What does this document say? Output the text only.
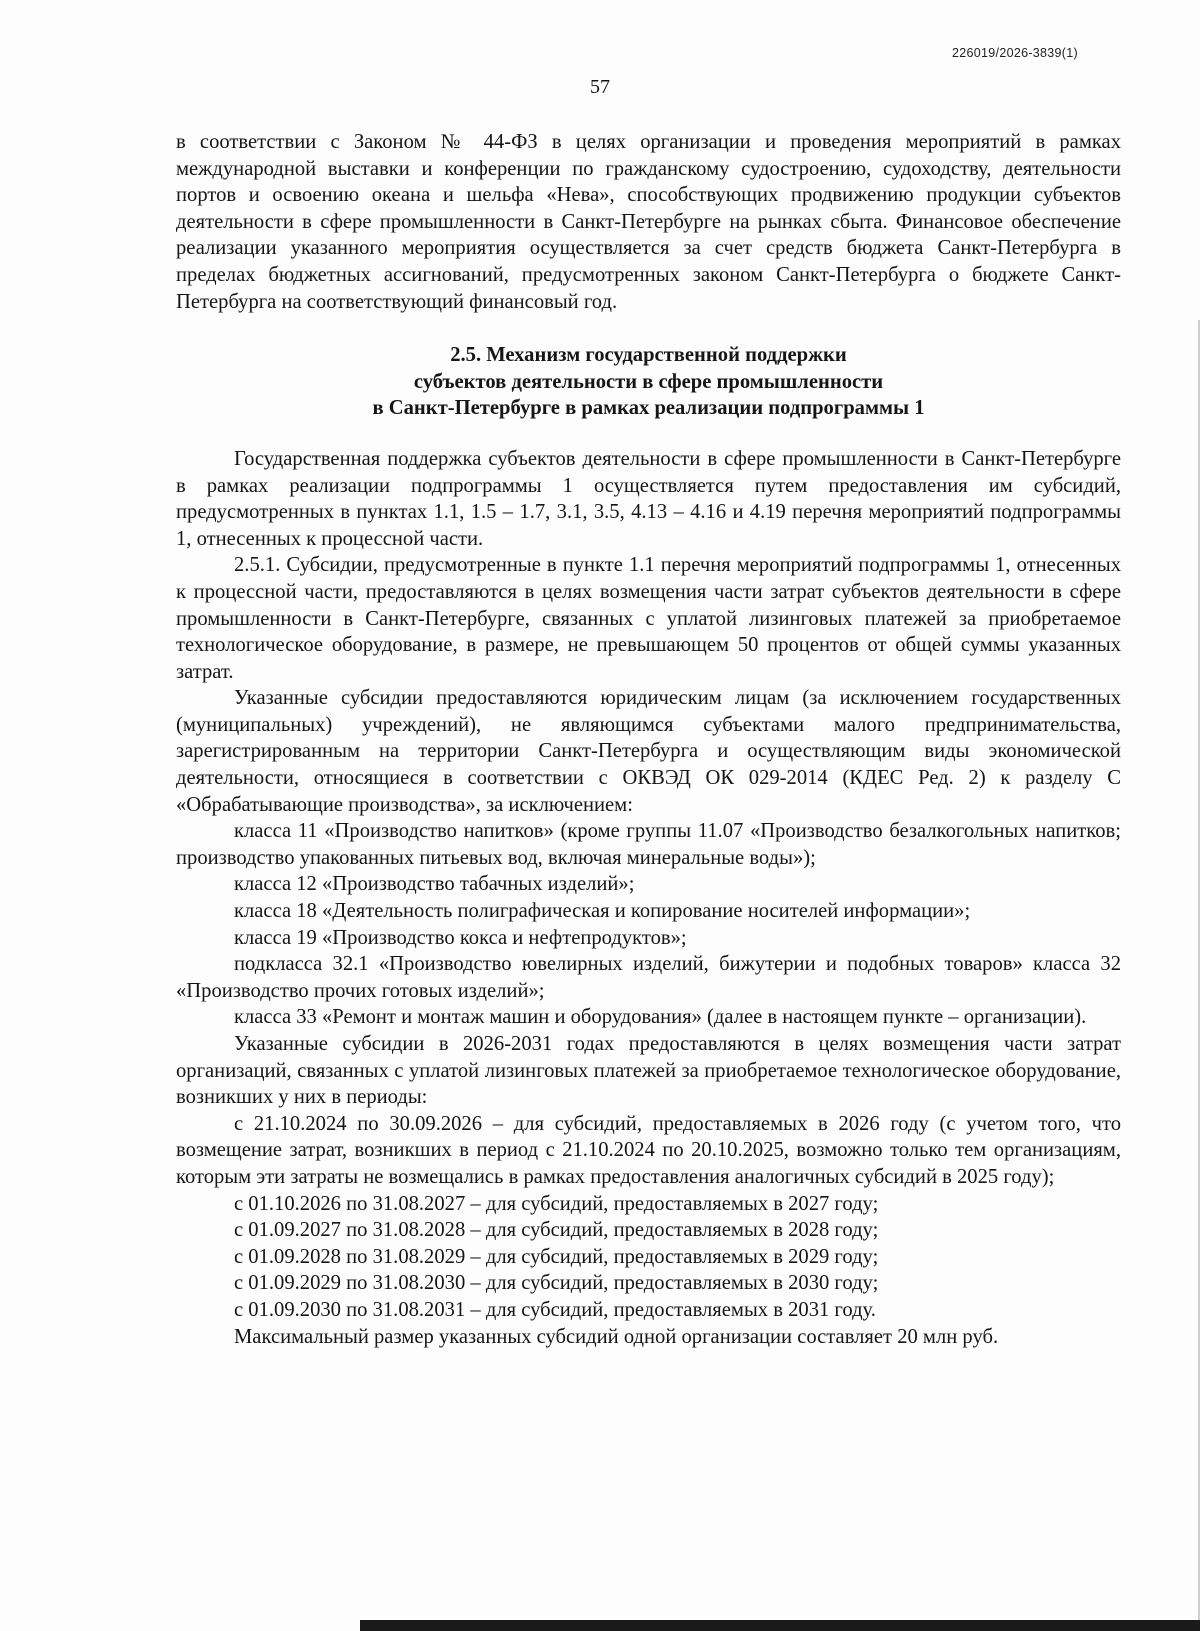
226019/2026-3839(1)
57

в соответствии с Законом № 44-ФЗ в целях организации и проведения мероприятий в рамках международной выставки и конференции по гражданскому судостроению, судоходству, деятельности портов и освоению океана и шельфа «Нева», способствующих продвижению продукции субъектов деятельности в сфере промышленности в Санкт-Петербурге на рынках сбыта. Финансовое обеспечение реализации указанного мероприятия осуществляется за счет средств бюджета Санкт-Петербурга в пределах бюджетных ассигнований, предусмотренных законом Санкт-Петербурга о бюджете Санкт-Петербурга на соответствующий финансовый год.

2.5. Механизм государственной поддержки
субъектов деятельности в сфере промышленности
в Санкт-Петербурге в рамках реализации подпрограммы 1

Государственная поддержка субъектов деятельности в сфере промышленности в Санкт-Петербурге в рамках реализации подпрограммы 1 осуществляется путем предоставления им субсидий, предусмотренных в пунктах 1.1, 1.5 – 1.7, 3.1, 3.5, 4.13 – 4.16 и 4.19 перечня мероприятий подпрограммы 1, отнесенных к процессной части.

2.5.1. Субсидии, предусмотренные в пункте 1.1 перечня мероприятий подпрограммы 1, отнесенных к процессной части, предоставляются в целях возмещения части затрат субъектов деятельности в сфере промышленности в Санкт-Петербурге, связанных с уплатой лизинговых платежей за приобретаемое технологическое оборудование, в размере, не превышающем 50 процентов от общей суммы указанных затрат.

Указанные субсидии предоставляются юридическим лицам (за исключением государственных (муниципальных) учреждений), не являющимся субъектами малого предпринимательства, зарегистрированным на территории Санкт-Петербурга и осуществляющим виды экономической деятельности, относящиеся в соответствии с ОКВЭД ОК 029-2014 (КДЕС Ред. 2) к разделу С «Обрабатывающие производства», за исключением:

класса 11 «Производство напитков» (кроме группы 11.07 «Производство безалкогольных напитков; производство упакованных питьевых вод, включая минеральные воды»);

класса 12 «Производство табачных изделий»;

класса 18 «Деятельность полиграфическая и копирование носителей информации»;

класса 19 «Производство кокса и нефтепродуктов»;

подкласса 32.1 «Производство ювелирных изделий, бижутерии и подобных товаров» класса 32 «Производство прочих готовых изделий»;

класса 33 «Ремонт и монтаж машин и оборудования» (далее в настоящем пункте – организации).

Указанные субсидии в 2026-2031 годах предоставляются в целях возмещения части затрат организаций, связанных с уплатой лизинговых платежей за приобретаемое технологическое оборудование, возникших у них в периоды:

с 21.10.2024 по 30.09.2026 – для субсидий, предоставляемых в 2026 году (с учетом того, что возмещение затрат, возникших в период с 21.10.2024 по 20.10.2025, возможно только тем организациям, которым эти затраты не возмещались в рамках предоставления аналогичных субсидий в 2025 году);

с 01.10.2026 по 31.08.2027 – для субсидий, предоставляемых в 2027 году;

с 01.09.2027 по 31.08.2028 – для субсидий, предоставляемых в 2028 году;

с 01.09.2028 по 31.08.2029 – для субсидий, предоставляемых в 2029 году;

с 01.09.2029 по 31.08.2030 – для субсидий, предоставляемых в 2030 году;

с 01.09.2030 по 31.08.2031 – для субсидий, предоставляемых в 2031 году.

Максимальный размер указанных субсидий одной организации составляет 20 млн руб.
